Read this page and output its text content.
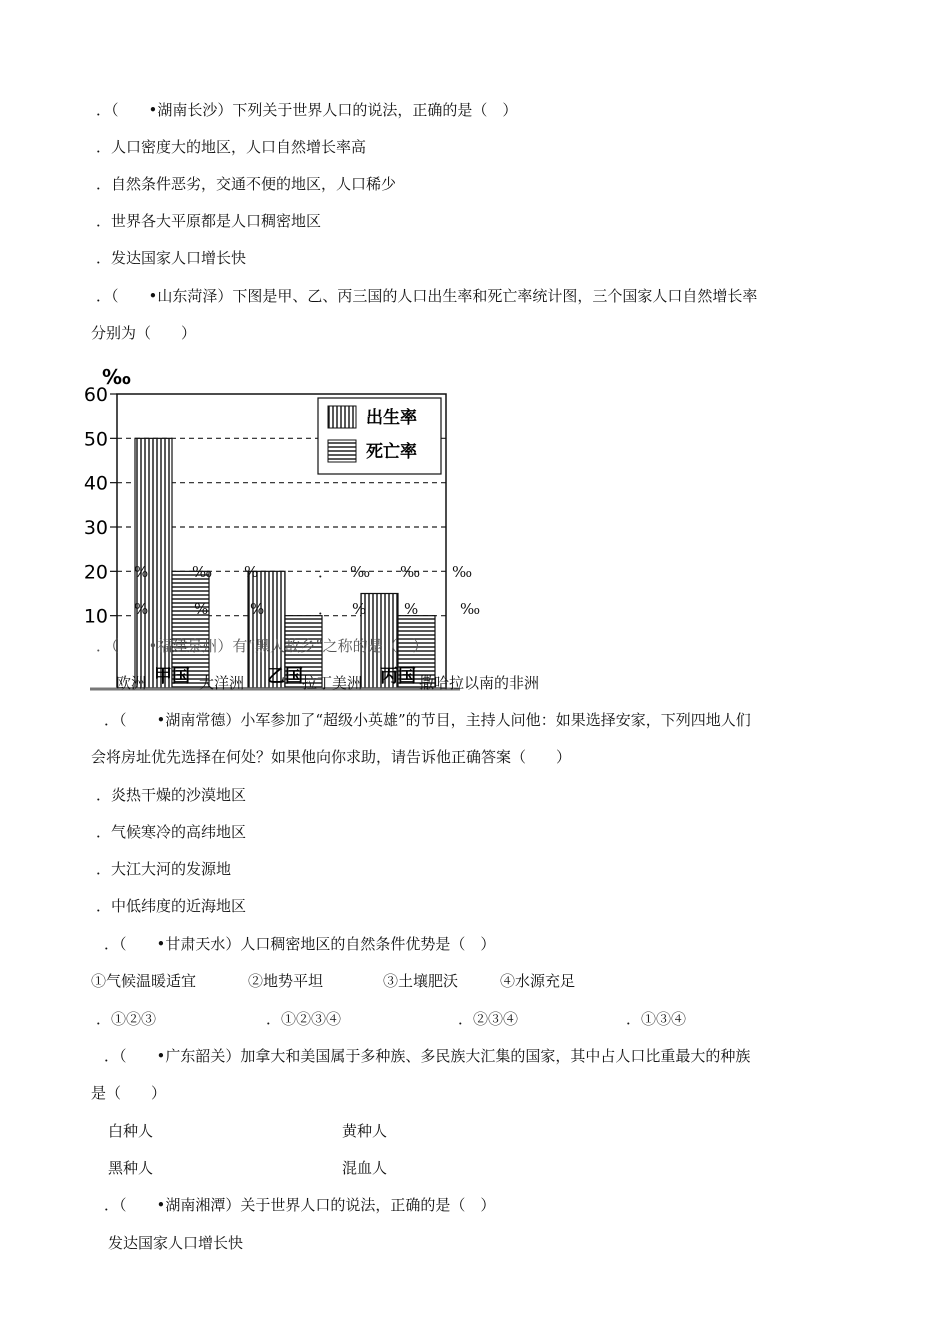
．（　　•湖南长沙）下列关于世界人口的说法，正确的是（　）
．人口密度大的地区，人口自然增长率高
．自然条件恶劣，交通不便的地区，人口稀少
．世界各大平原都是人口稠密地区
．发达国家人口增长快
．（　　•山东菏泽）下图是甲、乙、丙三国的人口出生率和死亡率统计图，三个国家人口自然增长率
分别为（　　）
10
20
30
40
50
60
甲国	乙国	丙国
‰
出生率
死亡率
%	‰ %	． ‰ ‰ ‰
%	%	%	． %	%	‰
．（　　•福建泉州）有“黑人故乡”之称的是（　）
欧洲	大洋洲	拉丁美洲	撒哈拉以南的非洲
．（　　•湖南常德）小军参加了“超级小英雄”的节目，主持人问他：如果选择安家，下列四地人们
会将房址优先选择在何处？如果他向你求助，请告诉他正确答案（　　）
．炎热干燥的沙漠地区
．气候寒冷的高纬地区
．大江大河的发源地
．中低纬度的近海地区
．（　　•甘肃天水）人口稠密地区的自然条件优势是（　）
①气候温暖适宜	②地势平坦	③土壤肥沃	④水源充足
．①②③	．①②③④	．②③④	．①③④
．（　　•广东韶关）加拿大和美国属于多种族、多民族大汇集的国家，其中占人口比重最大的种族
是（　　）
白种人	黄种人
黑种人	混血人
．（　　•湖南湘潭）关于世界人口的说法，正确的是（　）
发达国家人口增长快
